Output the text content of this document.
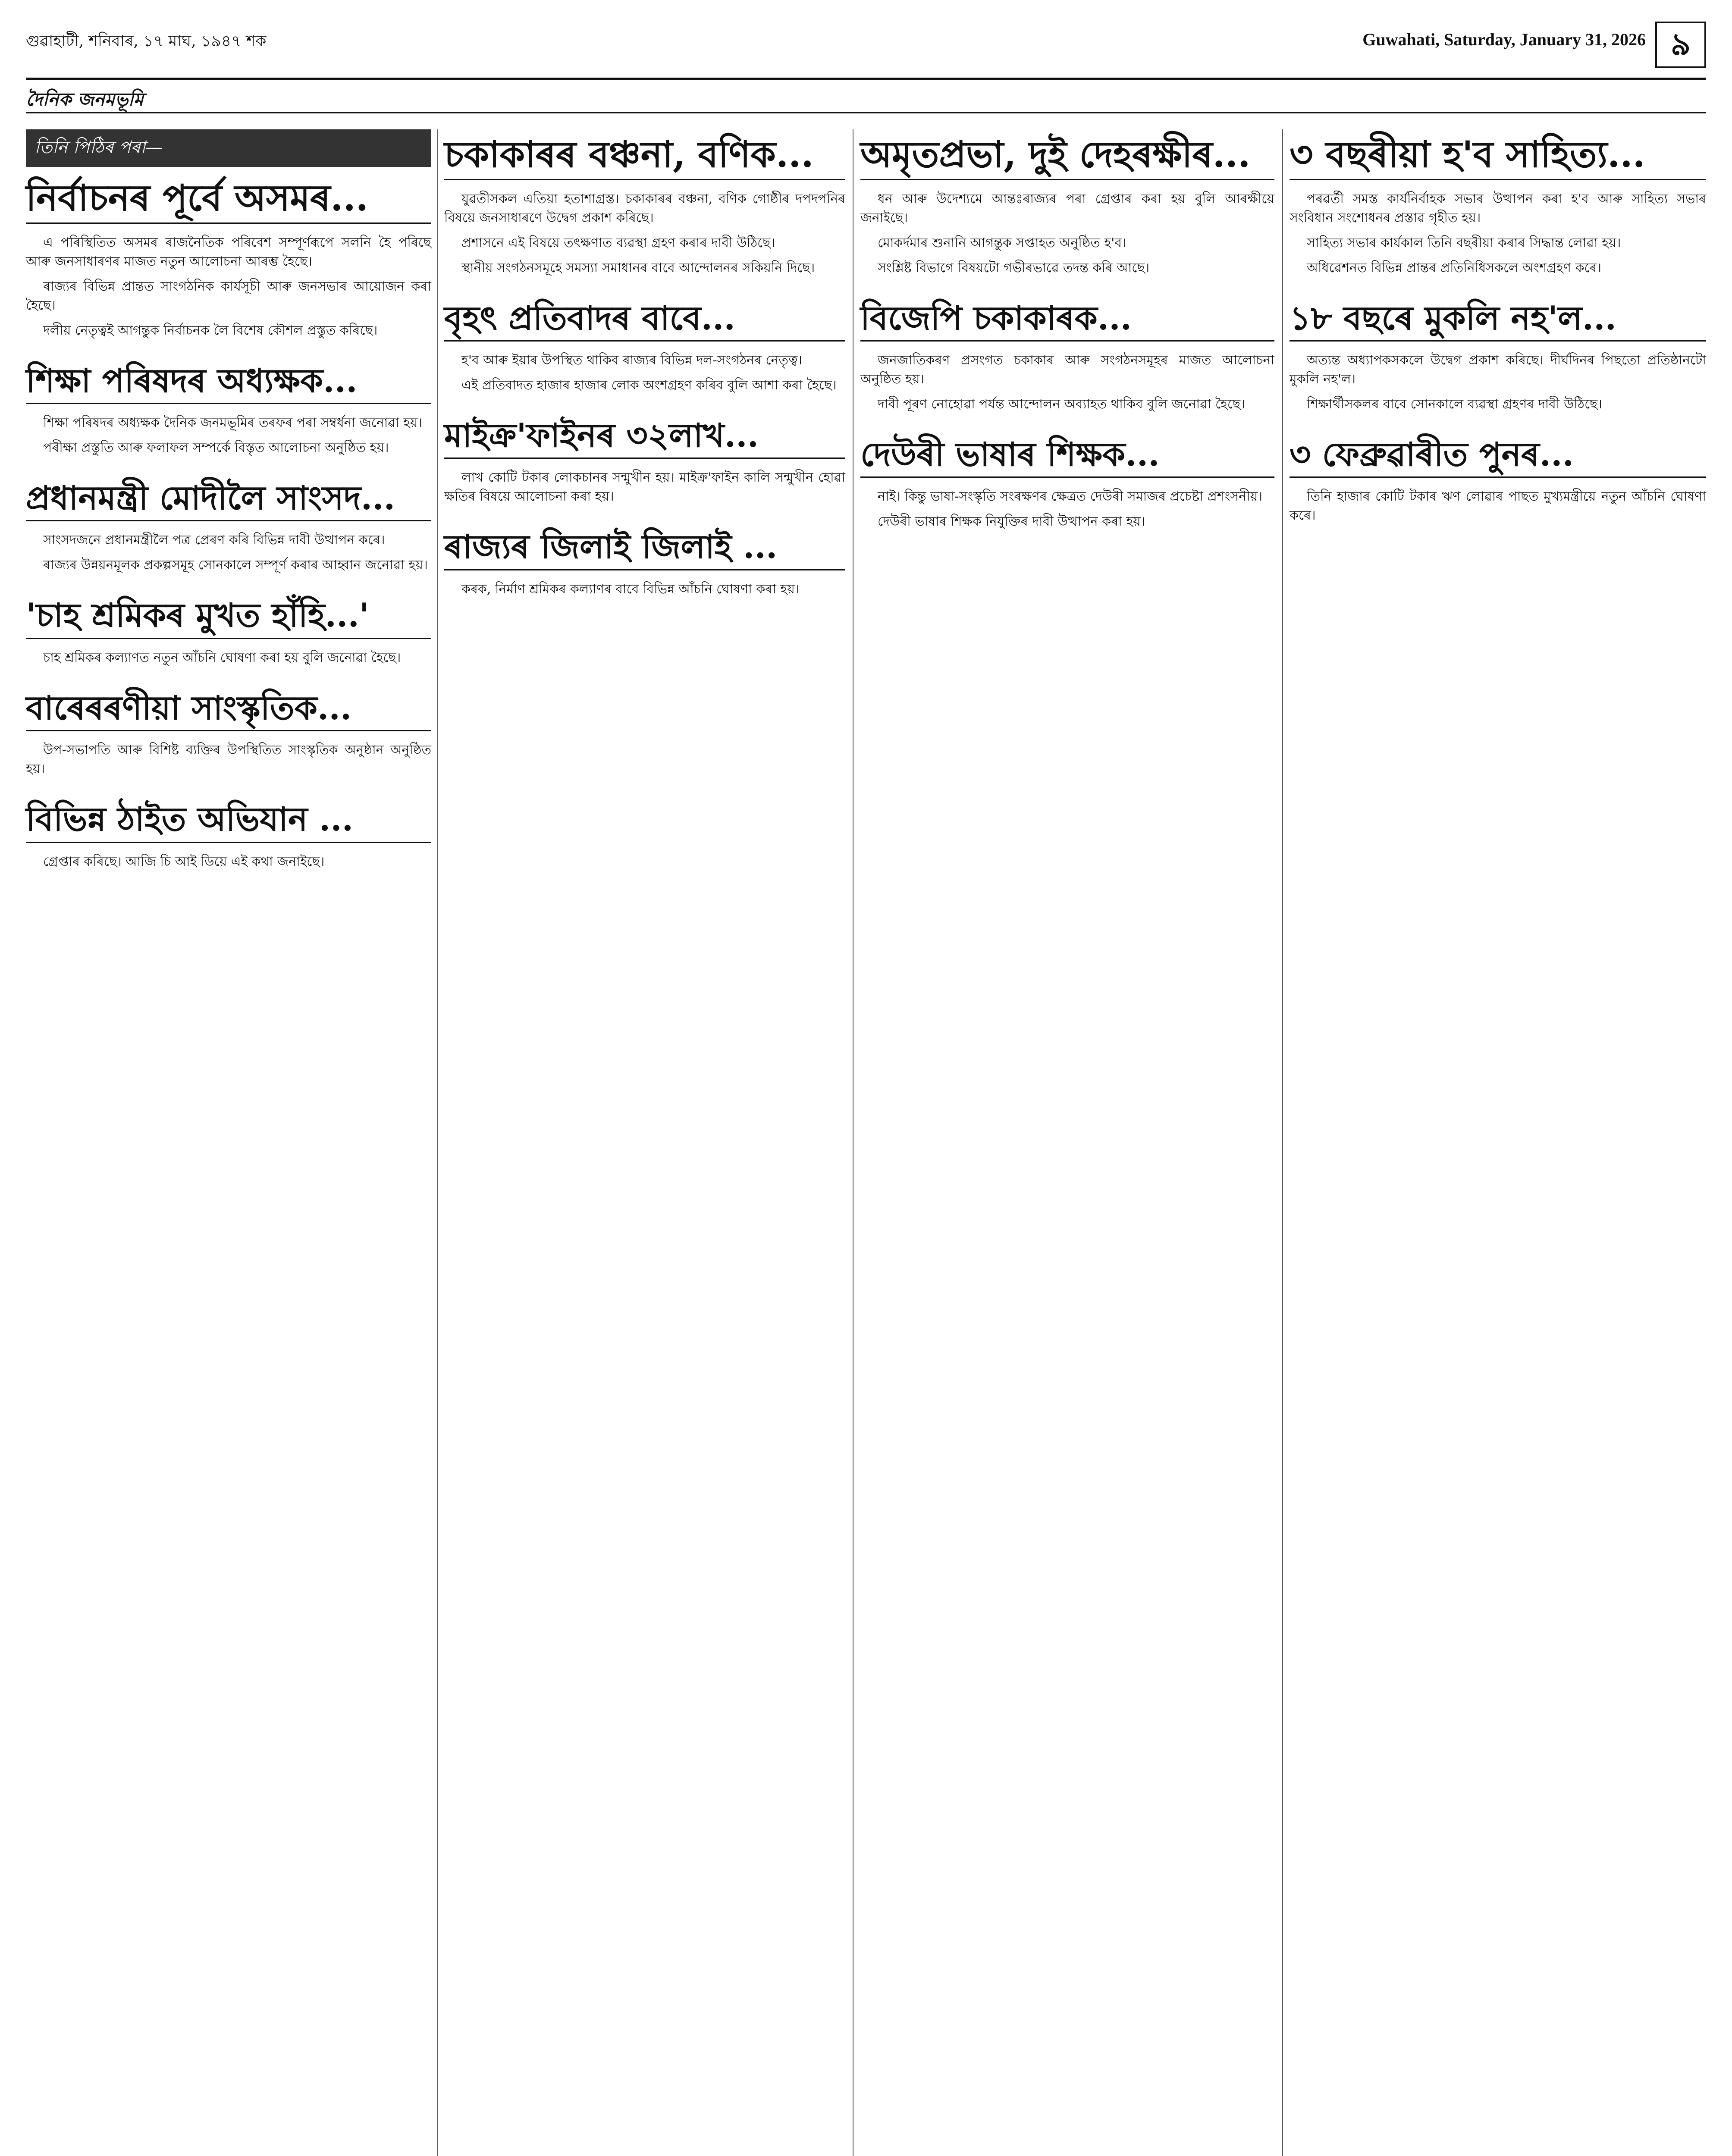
গুৱাহাটী, শনিবাৰ, ১৭ মাঘ, ১৯৪৭ শক	Guwahati, Saturday, January 31, 2026 ৯
দৈনিক জনমভূমি
তিনি পিঠিৰ পৰা—
নিৰ্বাচনৰ পূৰ্বে অসমৰ...

এ পৰিস্থিতিত অসমৰ ৰাজনৈতিক পৰিবেশ সম্পূৰ্ণৰূপে সলনি হৈ পৰিছে আৰু জনসাধাৰণৰ মাজত নতুন আলোচনা আৰম্ভ হৈছে।

ৰাজ্যৰ বিভিন্ন প্ৰান্তত সাংগঠনিক কাৰ্যসূচী আৰু জনসভাৰ আয়োজন কৰা হৈছে।

দলীয় নেতৃত্বই আগন্তুক নিৰ্বাচনক লৈ বিশেষ কৌশল প্ৰস্তুত কৰিছে।

শিক্ষা পৰিষদৰ অধ্যক্ষক...

শিক্ষা পৰিষদৰ অধ্যক্ষক দৈনিক জনমভূমিৰ তৰফৰ পৰা সম্বৰ্ধনা জনোৱা হয়।

পৰীক্ষা প্ৰস্তুতি আৰু ফলাফল সম্পৰ্কে বিস্তৃত আলোচনা অনুষ্ঠিত হয়।

প্ৰধানমন্ত্ৰী মোদীলৈ সাংসদ...

সাংসদজনে প্ৰধানমন্ত্ৰীলৈ পত্ৰ প্ৰেৰণ কৰি বিভিন্ন দাবী উত্থাপন কৰে।

ৰাজ্যৰ উন্নয়নমূলক প্ৰকল্পসমূহ সোনকালে সম্পূৰ্ণ কৰাৰ আহ্বান জনোৱা হয়।

'চাহ শ্ৰমিকৰ মুখত হাঁহি...'

চাহ শ্ৰমিকৰ কল্যাণত নতুন আঁচনি ঘোষণা কৰা হয় বুলি জনোৱা হৈছে।

বাৰেৰৰণীয়া সাংস্কৃতিক...

উপ-সভাপতি আৰু বিশিষ্ট ব্যক্তিৰ উপস্থিতিত সাংস্কৃতিক অনুষ্ঠান অনুষ্ঠিত হয়।

বিভিন্ন ঠাইত অভিযান ...

গ্ৰেপ্তাৰ কৰিছে। আজি চি আই ডিয়ে এই কথা জনাইছে।

চকাকাৰৰ বঞ্চনা, বণিক...

যুৱতীসকল এতিয়া হতাশাগ্ৰস্ত। চকাকাৰৰ বঞ্চনা, বণিক গোষ্ঠীৰ দপদপনিৰ বিষয়ে জনসাধাৰণে উদ্বেগ প্ৰকাশ কৰিছে।

প্ৰশাসনে এই বিষয়ে তৎক্ষণাত ব্যৱস্থা গ্ৰহণ কৰাৰ দাবী উঠিছে।

স্থানীয় সংগঠনসমূহে সমস্যা সমাধানৰ বাবে আন্দোলনৰ সকিয়নি দিছে।

বৃহৎ প্ৰতিবাদৰ বাবে...

হ'ব আৰু ইয়াৰ উপস্থিত থাকিব ৰাজ্যৰ বিভিন্ন দল-সংগঠনৰ নেতৃত্ব।

এই প্ৰতিবাদত হাজাৰ হাজাৰ লোক অংশগ্ৰহণ কৰিব বুলি আশা কৰা হৈছে।

মাইক্ৰ'ফাইনৰ ৩২লাখ...

লাখ কোটি টকাৰ লোকচানৰ সন্মুখীন হয়। মাইক্ৰ'ফাইন কালি সন্মুখীন হোৱা ক্ষতিৰ বিষয়ে আলোচনা কৰা হয়।

ৰাজ্যৰ জিলাই জিলাই ...

কৰক, নিৰ্মাণ শ্ৰমিকৰ কল্যাণৰ বাবে বিভিন্ন আঁচনি ঘোষণা কৰা হয়।

অমৃতপ্ৰভা, দুই দেহৰক্ষীৰ...

ধন আৰু উদেশ্যমে আন্তঃৰাজ্যৰ পৰা গ্ৰেপ্তাৰ কৰা হয় বুলি আৰক্ষীয়ে জনাইছে।

মোকৰ্দমাৰ শুনানি আগন্তুক সপ্তাহত অনুষ্ঠিত হ'ব।

সংশ্লিষ্ট বিভাগে বিষয়টো গভীৰভাৱে তদন্ত কৰি আছে।

বিজেপি চকাকাৰক...

জনজাতিকৰণ প্ৰসংগত চকাকাৰ আৰু সংগঠনসমূহৰ মাজত আলোচনা অনুষ্ঠিত হয়।

দাবী পূৰণ নোহোৱা পৰ্যন্ত আন্দোলন অব্যাহত থাকিব বুলি জনোৱা হৈছে।

দেউৰী ভাষাৰ শিক্ষক...

নাই। কিন্তু ভাষা-সংস্কৃতি সংৰক্ষণৰ ক্ষেত্ৰত দেউৰী সমাজৰ প্ৰচেষ্টা প্ৰশংসনীয়।

দেউৰী ভাষাৰ শিক্ষক নিযুক্তিৰ দাবী উত্থাপন কৰা হয়।

৩ বছৰীয়া হ'ব সাহিত্য...

পৰৱৰ্তী সমস্ত কাৰ্যনিৰ্বাহক সভাৰ উত্থাপন কৰা হ'ব আৰু সাহিত্য সভাৰ সংবিধান সংশোধনৰ প্ৰস্তাৱ গৃহীত হয়।

সাহিত্য সভাৰ কাৰ্যকাল তিনি বছৰীয়া কৰাৰ সিদ্ধান্ত লোৱা হয়।

অধিৱেশনত বিভিন্ন প্ৰান্তৰ প্ৰতিনিধিসকলে অংশগ্ৰহণ কৰে।

১৮ বছৰে মুকলি নহ'ল...

অত্যন্ত অধ্যাপকসকলে উদ্বেগ প্ৰকাশ কৰিছে। দীৰ্ঘদিনৰ পিছতো প্ৰতিষ্ঠানটো মুকলি নহ'ল।

শিক্ষাৰ্থীসকলৰ বাবে সোনকালে ব্যৱস্থা গ্ৰহণৰ দাবী উঠিছে।

৩ ফেব্ৰুৱাৰীত পুনৰ...

তিনি হাজাৰ কোটি টকাৰ ঋণ লোৱাৰ পাছত মুখ্যমন্ত্ৰীয়ে নতুন আঁচনি ঘোষণা কৰে।
